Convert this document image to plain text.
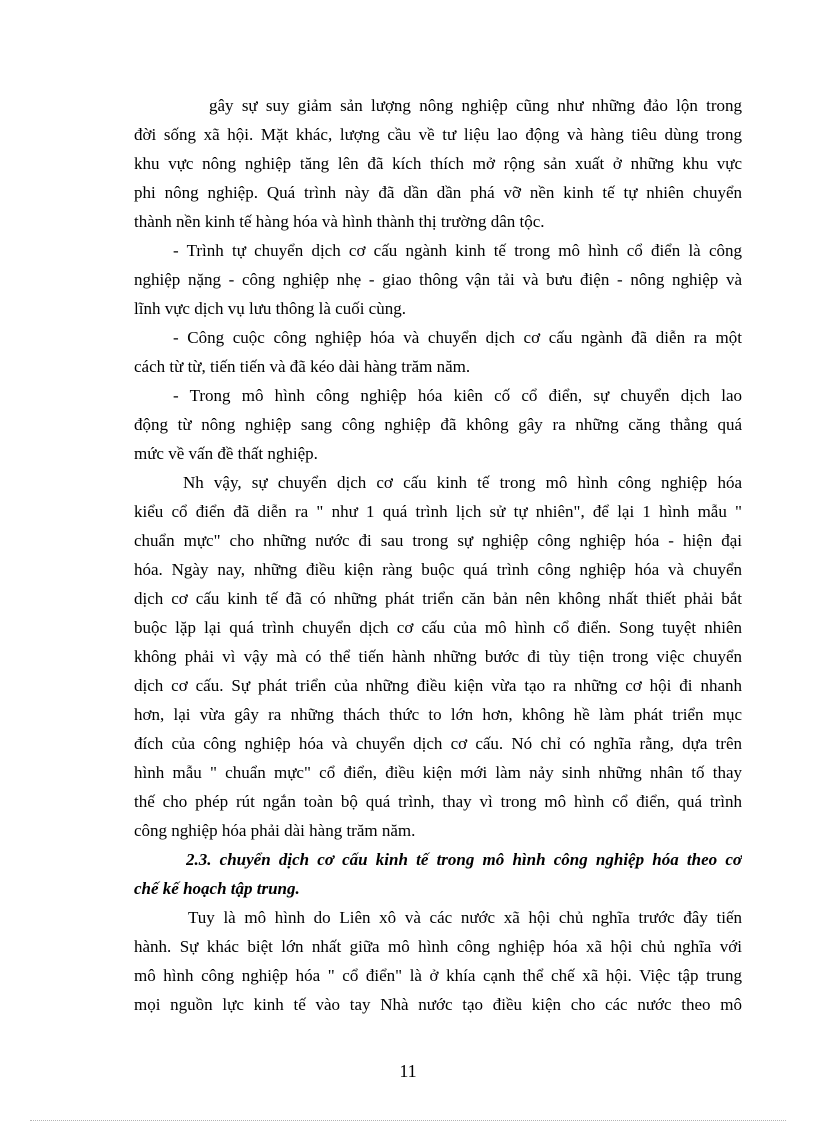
gây sự suy giảm sản lượng nông nghiệp cũng như những đảo lộn trong
đời sống xã hội. Mặt khác, lượng cầu về tư liệu lao động và hàng tiêu dùng trong
khu vực nông nghiệp tăng lên đã kích thích mở rộng sản xuất ở những khu vực
phi nông nghiệp. Quá trình này đã dần dần phá vỡ nền kinh tế tự nhiên chuyển
thành nền kinh tế hàng hóa và hình thành thị trường dân tộc.
- Trình tự chuyển dịch cơ cấu ngành kinh tế trong mô hình cổ điển là công
nghiệp nặng - công nghiệp nhẹ - giao thông vận tải và bưu điện - nông nghiệp và
lĩnh vực dịch vụ lưu thông là cuối cùng.
- Công cuộc công nghiệp hóa và chuyển dịch cơ cấu ngành đã diễn ra một
cách từ từ, tiến tiến và đã kéo dài hàng trăm năm.
- Trong mô hình công nghiệp hóa kiên cố cổ điển, sự chuyển dịch lao
động từ nông nghiệp sang công nghiệp đã không gây ra những căng thẳng quá
mức về vấn đề thất nghiệp.
Nh vậy, sự chuyển dịch cơ cấu kinh tế trong mô hình công nghiệp hóa
kiểu cổ điển đã diễn ra " như 1 quá trình lịch sử tự nhiên", để lại 1 hình mẫu "
chuẩn mực" cho những nước đi sau trong sự nghiệp công nghiệp hóa - hiện đại
hóa. Ngày nay, những điều kiện ràng buộc quá trình công nghiệp hóa và chuyển
dịch cơ cấu kinh tế đã có những phát triển căn bản nên không nhất thiết phải bắt
buộc lặp lại quá trình chuyển dịch cơ cấu của mô hình cổ điển. Song tuyệt nhiên
không phải vì vậy mà có thể tiến hành những bước đi tùy tiện trong việc chuyển
dịch cơ cấu. Sự phát triển của những điều kiện vừa tạo ra những cơ hội đi nhanh
hơn, lại vừa gây ra những thách thức to lớn hơn, không hề làm phát triển mục
đích của công nghiệp hóa và chuyển dịch cơ cấu. Nó chỉ có nghĩa rằng, dựa trên
hình mẫu " chuẩn mực" cổ điển, điều kiện mới làm nảy sinh những nhân tố thay
thế cho phép rút ngắn toàn bộ quá trình, thay vì trong mô hình cổ điển, quá trình
công nghiệp hóa phải dài hàng trăm năm.
2.3. chuyển dịch cơ cấu kinh tế trong mô hình công nghiệp hóa theo cơ
chế kế hoạch tập trung.
Tuy là mô hình do Liên xô và các nước xã hội chủ nghĩa trước đây tiến
hành. Sự khác biệt lớn nhất giữa mô hình công nghiệp hóa xã hội chủ nghĩa với
mô hình công nghiệp hóa " cổ điển" là ở khía cạnh thể chế xã hội. Việc tập trung
mọi nguồn lực kinh tế vào tay Nhà nước tạo điều kiện cho các nước theo mô
11
